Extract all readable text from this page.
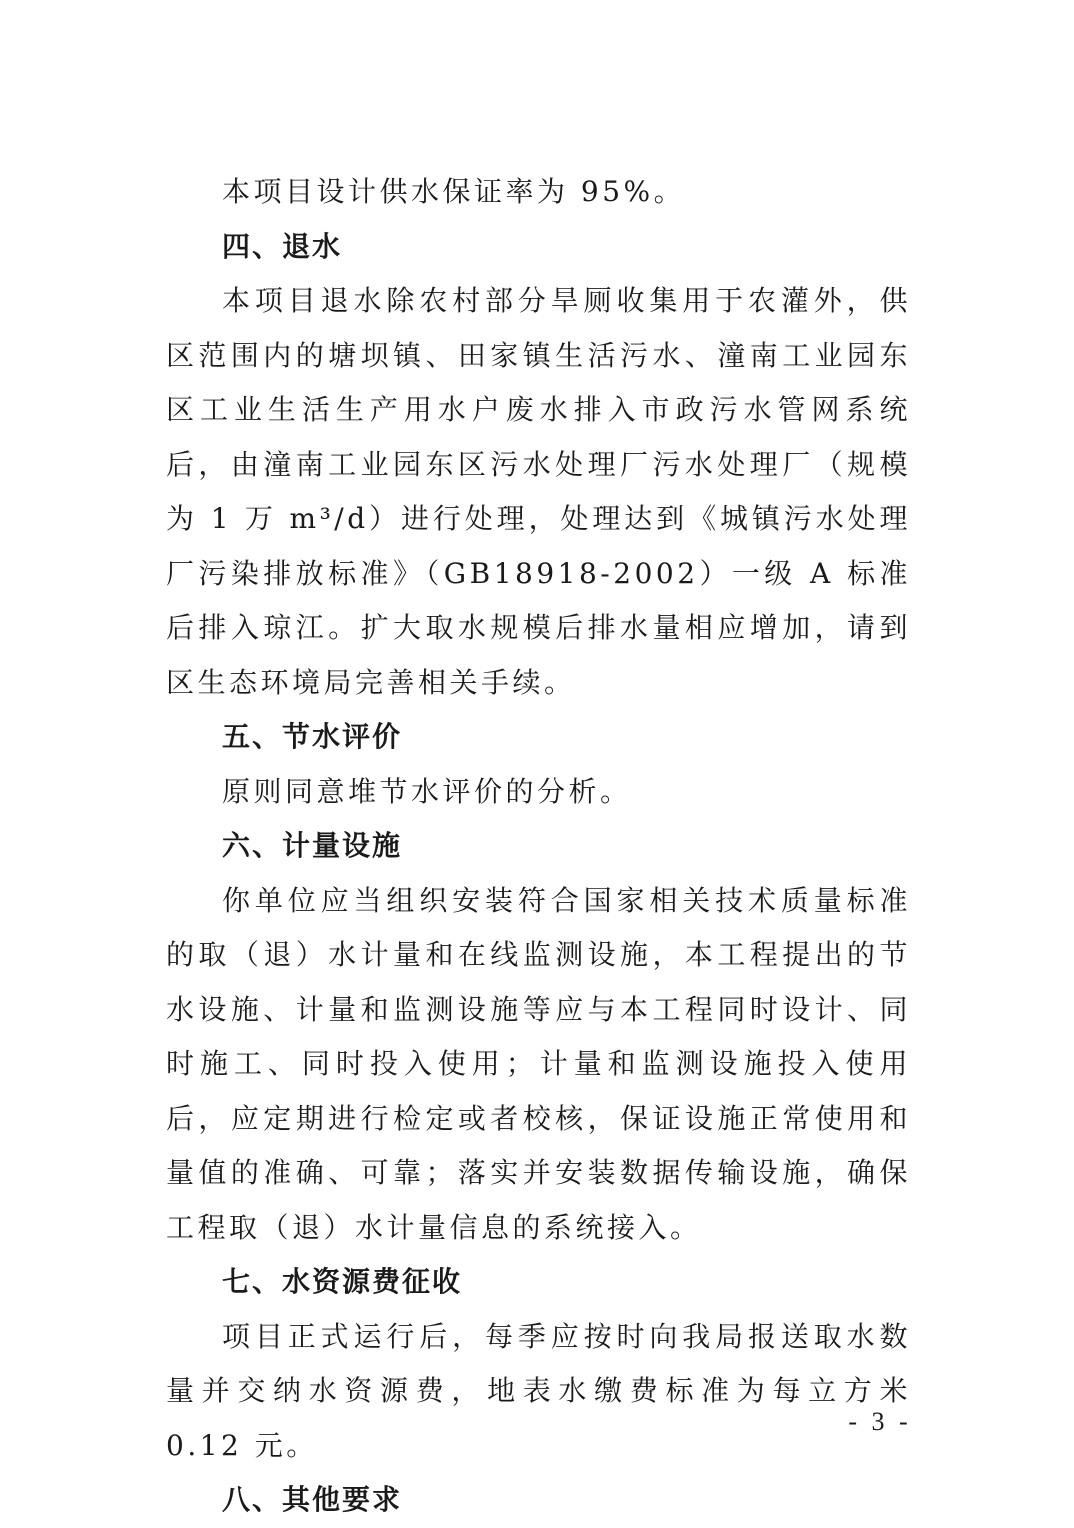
本项目设计供水保证率为 95%。

四、退水

本项目退水除农村部分旱厕收集用于农灌外，供区范围内的塘坝镇、田家镇生活污水、潼南工业园东区工业生活生产用水户废水排入市政污水管网系统后，由潼南工业园东区污水处理厂污水处理厂（规模为 1 万 m³/d）进行处理，处理达到《城镇污水处理厂污染排放标准》（GB18918-2002）一级 A 标准后排入琼江。扩大取水规模后排水量相应增加，请到区生态环境局完善相关手续。

五、节水评价

原则同意堆节水评价的分析。

六、计量设施

你单位应当组织安装符合国家相关技术质量标准的取（退）水计量和在线监测设施，本工程提出的节水设施、计量和监测设施等应与本工程同时设计、同时施工、同时投入使用；计量和监测设施投入使用后，应定期进行检定或者校核，保证设施正常使用和量值的准确、可靠；落实并安装数据传输设施，确保工程取（退）水计量信息的系统接入。

七、水资源费征收

项目正式运行后，每季应按时向我局报送取水数量并交纳水资源费，地表水缴费标准为每立方米 0.12 元。

八、其他要求

- 3 -
